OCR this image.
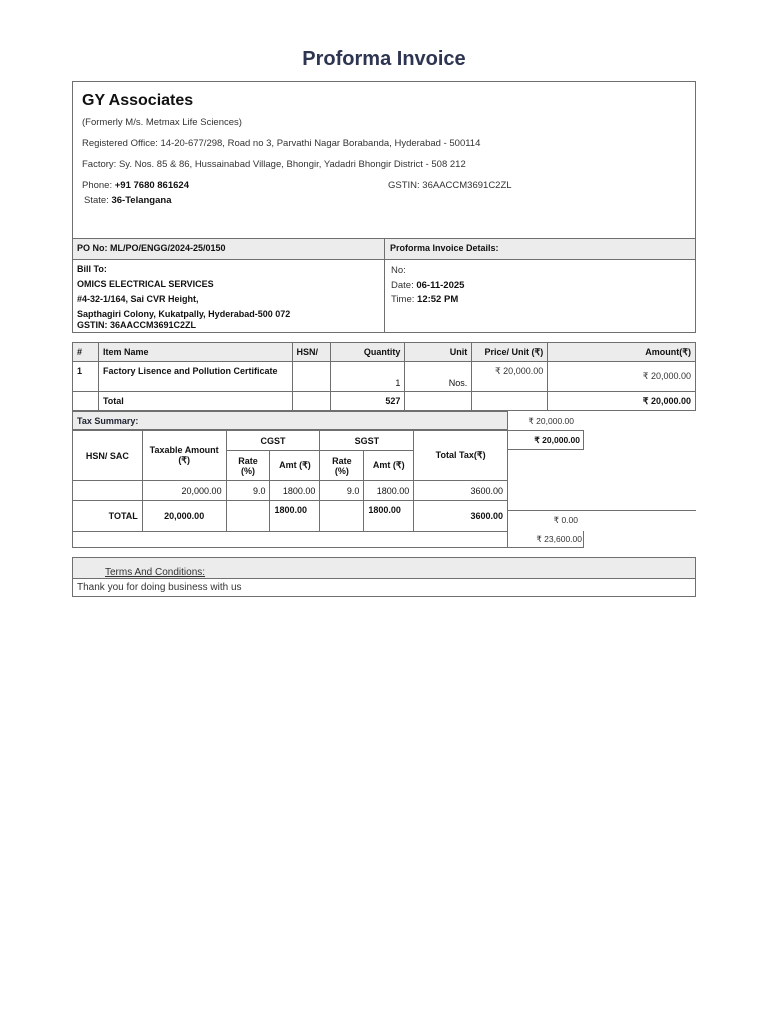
Proforma Invoice
GY Associates
(Formerly M/s. Metmax Life Sciences)
Registered Office: 14-20-677/298, Road no 3, Parvathi Nagar Borabanda, Hyderabad - 500114
Factory: Sy. Nos. 85 & 86, Hussainabad Village, Bhongir, Yadadri Bhongir District - 508 212
Phone: +91 7680 861624	GSTIN: 36AACCM3691C2ZL
State: 36-Telangana
PO No: ML/PO/ENGG/2024-25/0150	Proforma Invoice Details:
Bill To:
OMICS ELECTRICAL SERVICES
#4-32-1/164, Sai CVR Height,
Sapthagiri Colony, Kukatpally, Hyderabad-500 072
GSTIN: 36AACCM3691C2ZL
No:
Date: 06-11-2025
Time: 12:52 PM
#	Item Name	HSN/	Quantity	Unit	Price/ Unit (₹)	Amount(₹)
1	Factory Lisence and Pollution Certificate		1	Nos.	₹ 20,000.00	₹ 20,000.00
	Total		527			₹ 20,000.00
Tax Summary:
HSN/ SAC	Taxable Amount (₹)	CGST		SGST		Total Tax(₹)
		Rate (%)	Amt (₹)	Rate (%)	Amt (₹)	
	20,000.00	9.0	1800.00	9.0	1800.00	3600.00
TOTAL	20,000.00		1800.00		1800.00	3600.00
₹ 20,000.00
₹ 20,000.00
₹ 0.00
₹ 23,600.00
Terms And Conditions:
Thank you for doing business with us
